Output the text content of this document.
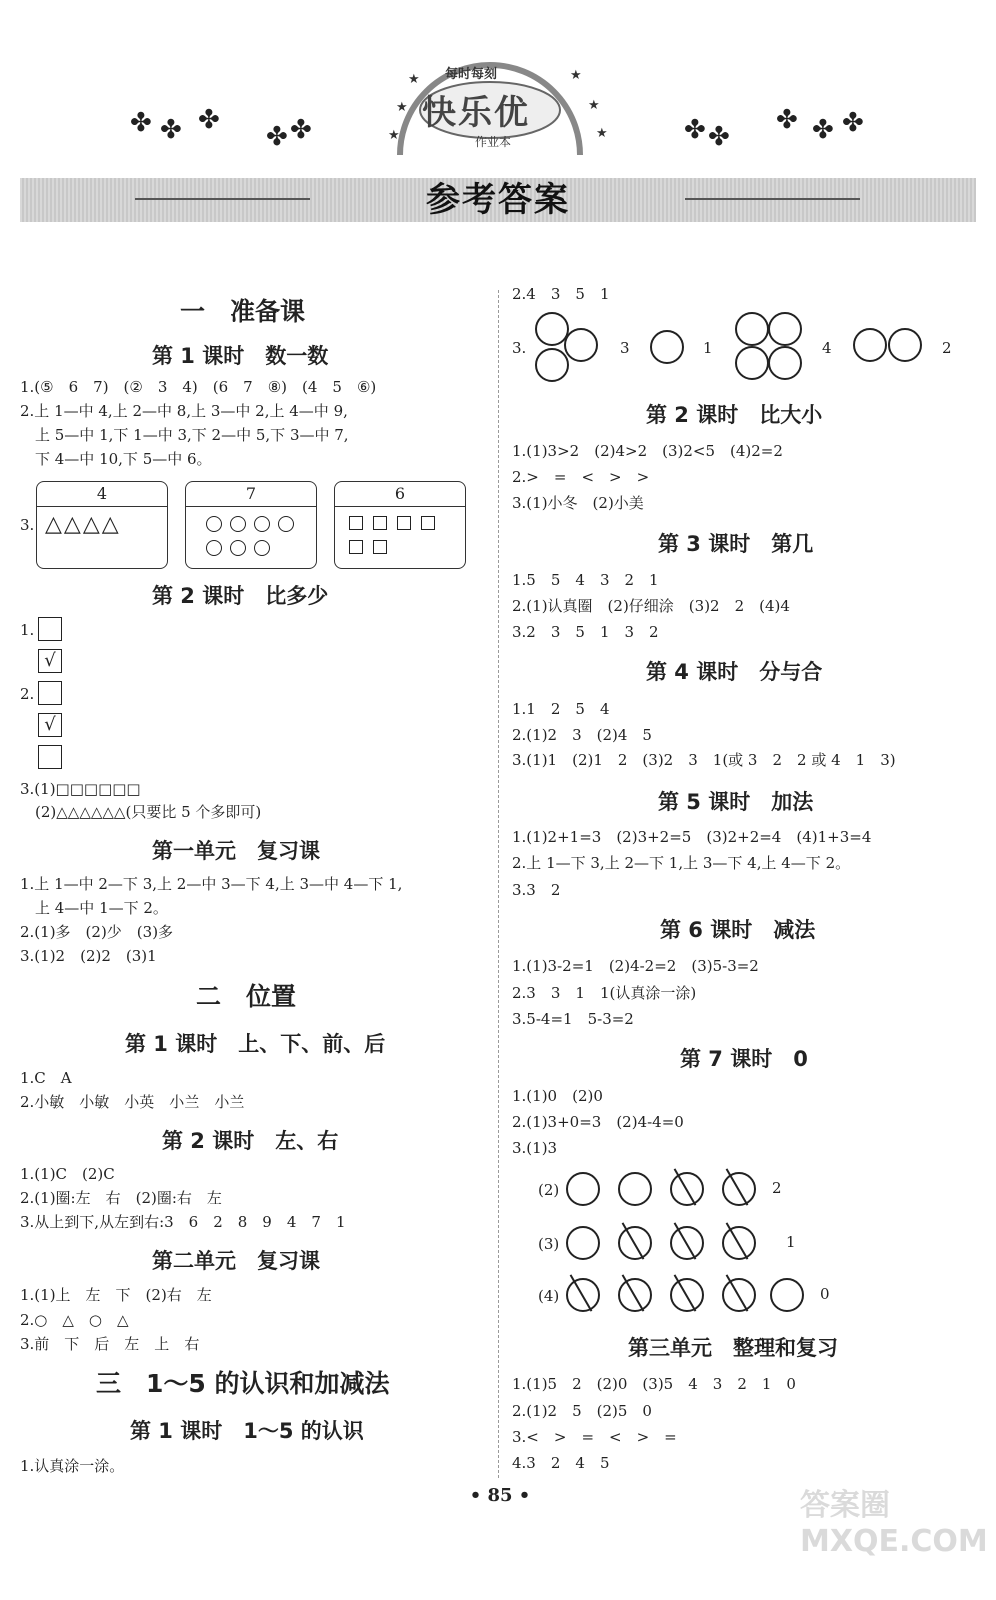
每时每刻
快乐优
作业本
★
★
★
★
★
★
✤ ✤ ✤
✤ ✤	✤ ✤
✤ ✤ ✤
参考答案
一　准备课
第 1 课时　数一数
1.(⑤　6　7)　(②　3　4)　(6　7　⑧)　(4　5　⑥)
2.上 1—中 4,上 2—中 8,上 3—中 2,上 4—中 9,
　上 5—中 1,下 1—中 3,下 2—中 5,下 3—中 7,
　下 4—中 10,下 5—中 6。
3.
4
△△△△
7	6
第 2 课时　比多少
1.
√
2.
√
3.(1)□□□□□□
　(2)△△△△△△(只要比 5 个多即可)
第一单元　复习课
1.上 1—中 2—下 3,上 2—中 3—下 4,上 3—中 4—下 1,
　上 4—中 1—下 2。
2.(1)多　(2)少　(3)多
3.(1)2　(2)2　(3)1
二　位置
第 1 课时　上、下、前、后
1.C　A
2.小敏　小敏　小英　小兰　小兰
第 2 课时　左、右
1.(1)C　(2)C
2.(1)圈:左　右　(2)圈:右　左
3.从上到下,从左到右:3　6　2　8　9　4　7　1
第二单元　复习课
1.(1)上　左　下　(2)右　左
2.○　△　○　△
3.前　下　后　左　上　右
三　1～5 的认识和加减法
第 1 课时　1～5 的认识
1.认真涂一涂。
2.4　3　5　1
3.	3	1	4	2
第 2 课时　比大小
1.(1)3>2　(2)4>2　(3)2<5　(4)2=2
2.>　=　<　>　>
3.(1)小冬　(2)小美
第 3 课时　第几
1.5　5　4　3　2　1
2.(1)认真圈　(2)仔细涂　(3)2　2　(4)4
3.2　3　5　1　3　2
第 4 课时　分与合
1.1　2　5　4
2.(1)2　3　(2)4　5
3.(1)1　(2)1　2　(3)2　3　1(或 3　2　2 或 4　1　3)
第 5 课时　加法
1.(1)2+1=3　(2)3+2=5　(3)2+2=4　(4)1+3=4
2.上 1—下 3,上 2—下 1,上 3—下 4,上 4—下 2。
3.3　2
第 6 课时　减法
1.(1)3-2=1　(2)4-2=2　(3)5-3=2
2.3　3　1　1(认真涂一涂)
3.5-4=1　5-3=2
第 7 课时　0
1.(1)0　(2)0
2.(1)3+0=3　(2)4-4=0
3.(1)3
(2)	2
(3)	1
(4)	0
第三单元　整理和复习
1.(1)5　2　(2)0　(3)5　4　3　2　1　0
2.(1)2　5　(2)5　0
3.<　>　=　<　>　=
4.3　2　4　5
• 85 •	答案圈 MXQE.COM
